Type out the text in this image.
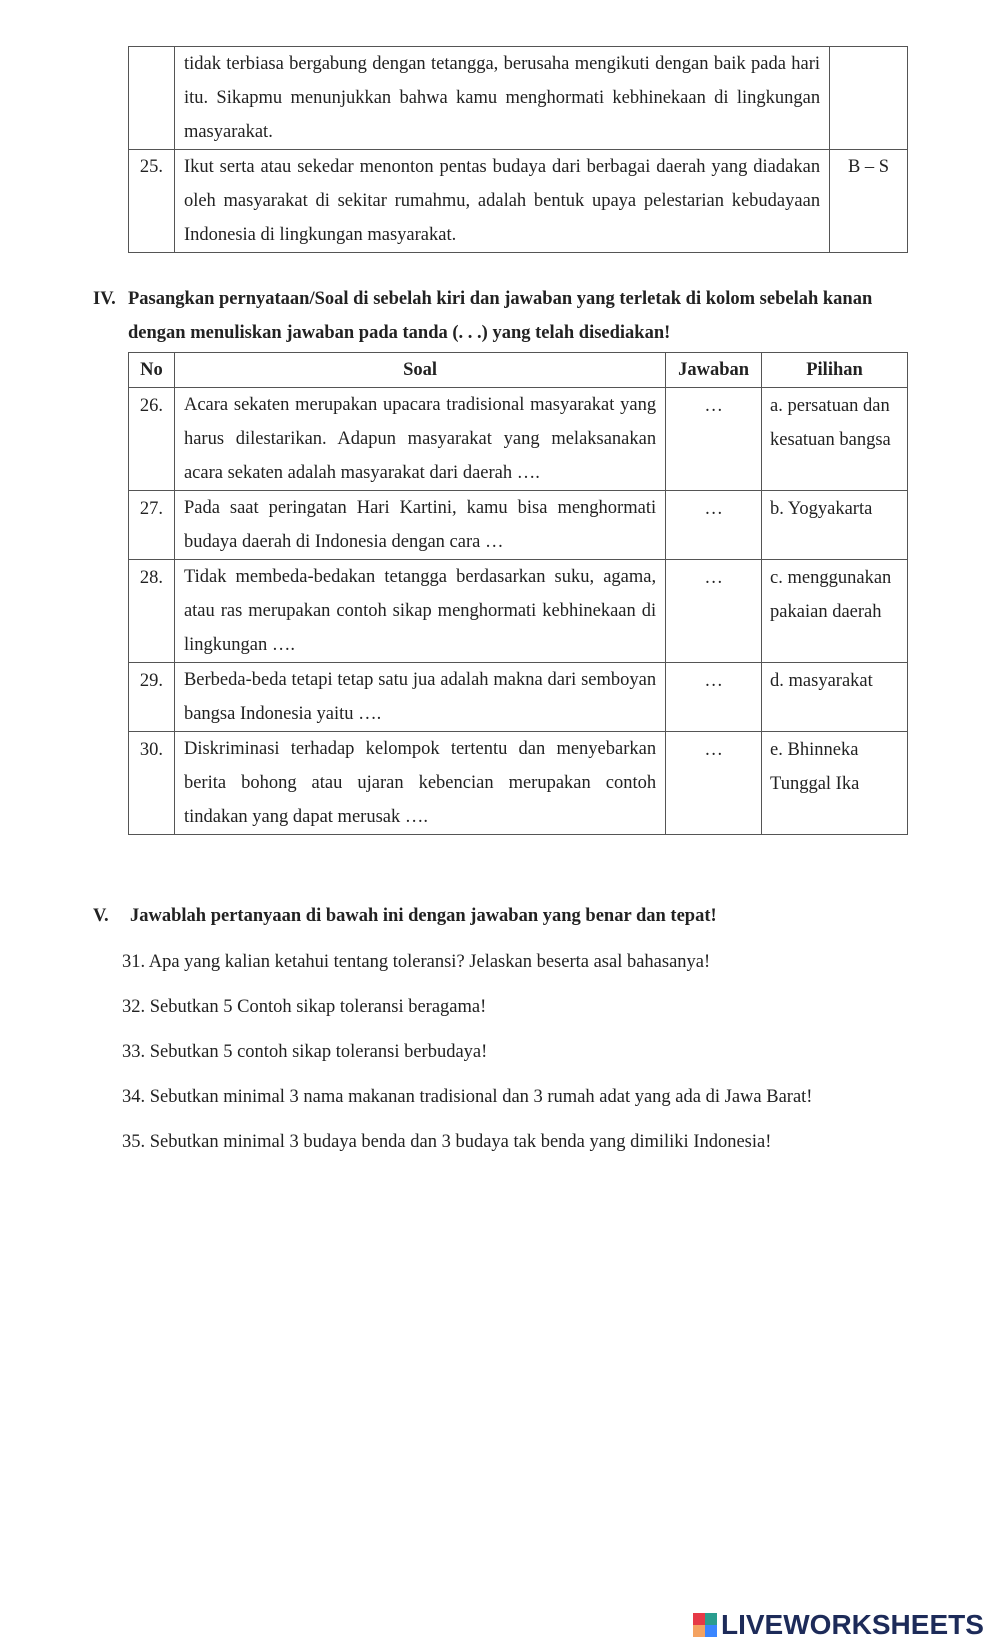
	tidak terbiasa bergabung dengan tetangga, berusaha mengikuti dengan baik pada hari itu. Sikapmu menunjukkan bahwa kamu menghormati kebhinekaan di lingkungan masyarakat.	
25.	Ikut serta atau sekedar menonton pentas budaya dari berbagai daerah yang diadakan oleh masyarakat di sekitar rumahmu, adalah bentuk upaya pelestarian kebudayaan Indonesia di lingkungan masyarakat.	B – S
IV. Pasangkan pernyataan/Soal di sebelah kiri dan jawaban yang terletak di kolom sebelah kanan
dengan menuliskan jawaban pada tanda (. . .) yang telah disediakan!
No	Soal	Jawaban	Pilihan
26.	Acara sekaten merupakan upacara tradisional masyarakat yang harus dilestarikan. Adapun masyarakat yang melaksanakan acara sekaten adalah masyarakat dari daerah ….	…	a. persatuan dan kesatuan bangsa
27.	Pada saat peringatan Hari Kartini, kamu bisa menghormati budaya daerah di Indonesia dengan cara …	…	b. Yogyakarta
28.	Tidak membeda-bedakan tetangga berdasarkan suku, agama, atau ras merupakan contoh sikap menghormati kebhinekaan di lingkungan ….	…	c. menggunakan pakaian daerah
29.	Berbeda-beda tetapi tetap satu jua adalah makna dari semboyan bangsa Indonesia yaitu ….	…	d. masyarakat
30.	Diskriminasi terhadap kelompok tertentu dan menyebarkan berita bohong atau ujaran kebencian merupakan contoh tindakan yang dapat merusak ….	…	e. Bhinneka Tunggal Ika
V.	Jawablah pertanyaan di bawah ini dengan jawaban yang benar dan tepat!
31. Apa yang kalian ketahui tentang toleransi? Jelaskan beserta asal bahasanya!
32. Sebutkan 5 Contoh sikap toleransi beragama!
33. Sebutkan 5 contoh sikap toleransi berbudaya!
34. Sebutkan minimal 3 nama makanan tradisional dan 3 rumah adat yang ada di Jawa Barat!
35. Sebutkan minimal 3 budaya benda dan 3 budaya tak benda yang dimiliki Indonesia!
LIVEWORKSHEETS
